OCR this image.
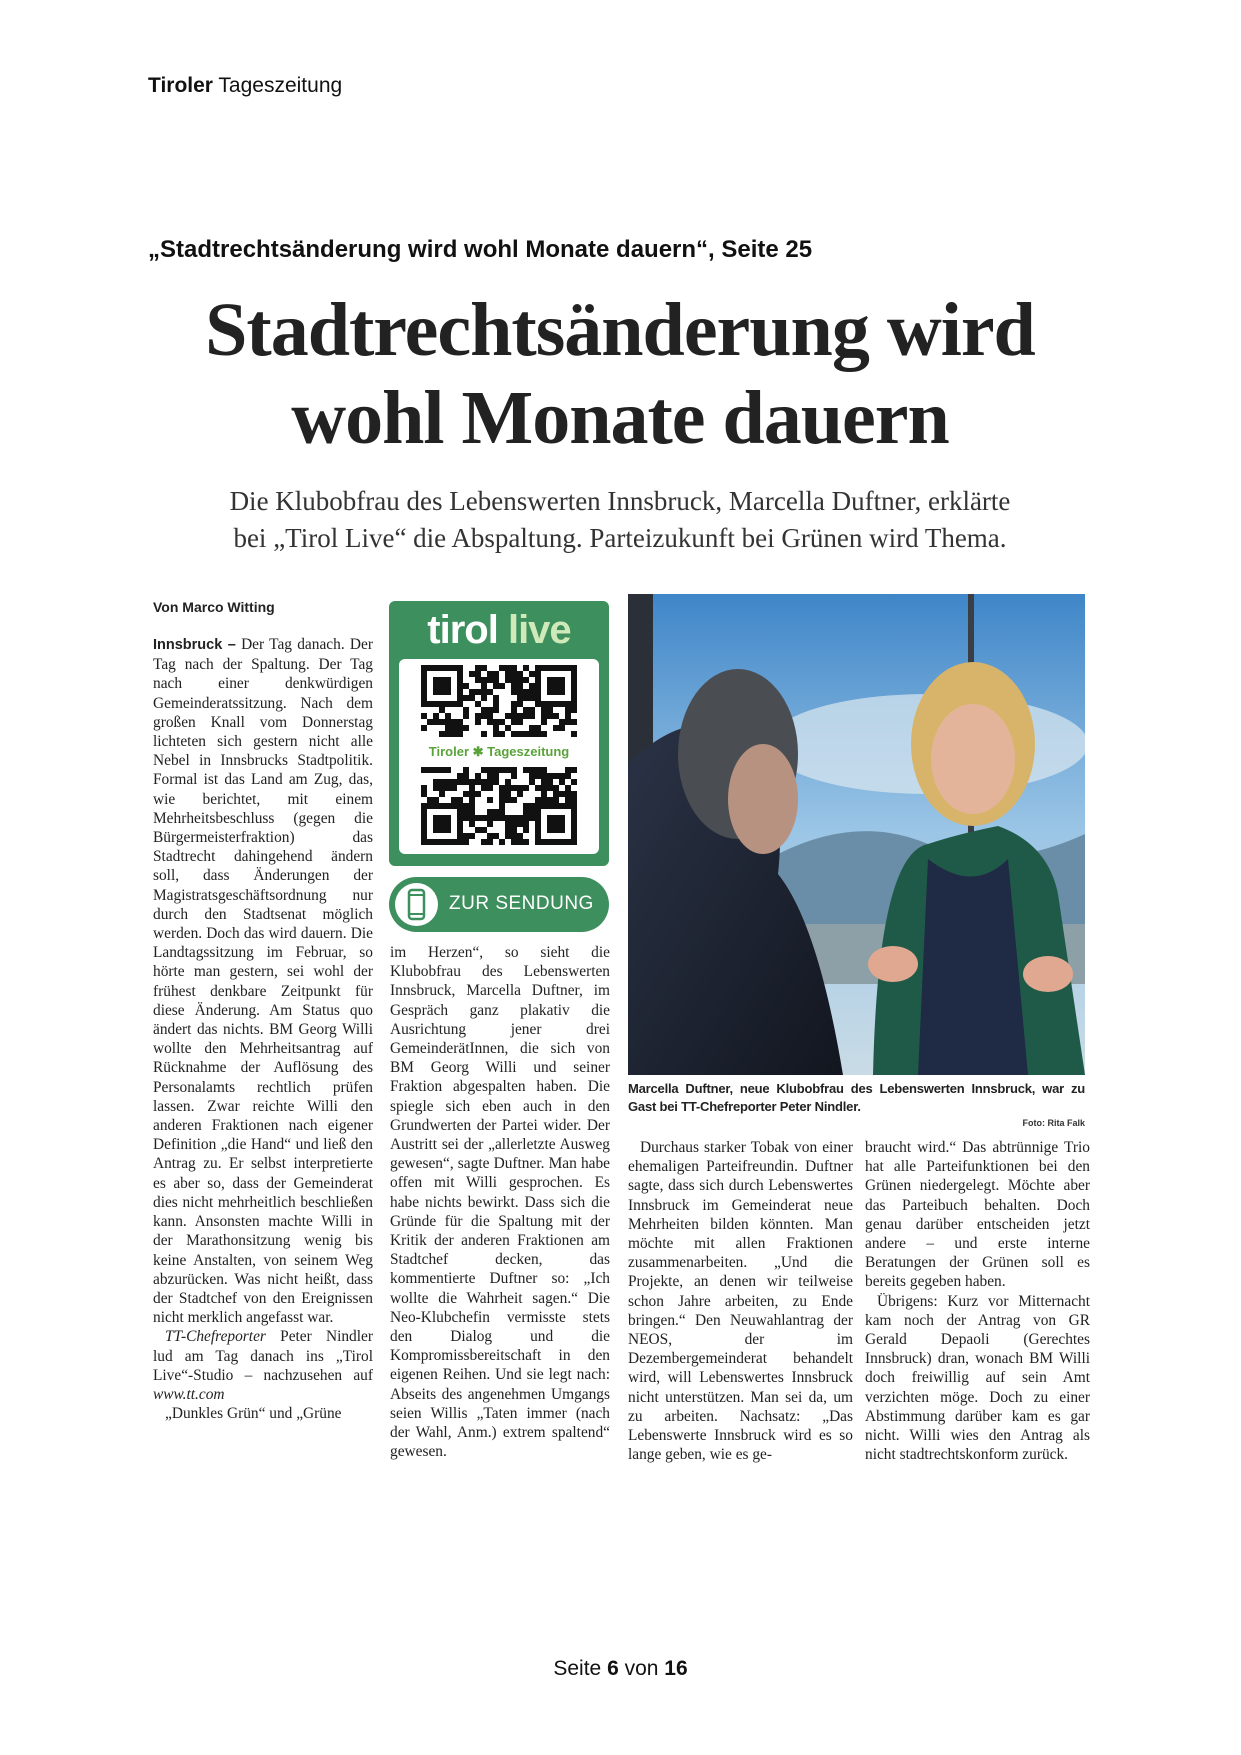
Tiroler Tageszeitung
„Stadtrechtsänderung wird wohl Monate dauern“, Seite 25
Stadtrechtsänderung wird
wohl Monate dauern
Die Klubobfrau des Lebenswerten Innsbruck, Marcella Duftner, erklärte
bei „Tirol Live“ die Abspaltung. Parteizukunft bei Grünen wird Thema.
Von Marco Witting

Innsbruck – Der Tag danach. Der Tag nach der Spaltung. Der Tag nach einer denkwürdigen Gemeinderatssitzung. Nach dem großen Knall vom Donnerstag lichteten sich gestern nicht alle Nebel in Innsbrucks Stadtpolitik. Formal ist das Land am Zug, das, wie berichtet, mit einem Mehrheitsbeschluss (gegen die Bürgermeisterfraktion) das Stadtrecht dahingehend ändern soll, dass Änderungen der Magistratsgeschäftsordnung nur durch den Stadtsenat möglich werden. Doch das wird dauern. Die Landtagssitzung im Februar, so hörte man gestern, sei wohl der frühest denkbare Zeitpunkt für diese Änderung. Am Status quo ändert das nichts. BM Georg Willi wollte den Mehrheitsantrag auf Rücknahme der Auflösung des Personalamts rechtlich prüfen lassen. Zwar reichte Willi den anderen Fraktionen nach eigener Definition „die Hand“ und ließ den Antrag zu. Er selbst interpretierte es aber so, dass der Gemeinderat dies nicht mehrheitlich beschließen kann. Ansonsten machte Willi in der Marathonsitzung wenig bis keine Anstalten, von seinem Weg abzurücken. Was nicht heißt, dass der Stadtchef von den Ereignissen nicht merklich angefasst war.

TT-Chefreporter Peter Nindler lud am Tag danach ins „Tirol Live“-Studio – nachzusehen auf www.tt.com

„Dunkles Grün“ und „Grüne

tirol live
Tiroler ✱ Tageszeitung
ZUR SENDUNG

im Herzen“, so sieht die Klubobfrau des Lebenswerten Innsbruck, Marcella Duftner, im Gespräch ganz plakativ die Ausrichtung jener drei GemeinderätInnen, die sich von BM Georg Willi und seiner Fraktion abgespalten haben. Die spiegle sich eben auch in den Grundwerten der Partei wider. Der Austritt sei der „allerletzte Ausweg gewesen“, sagte Duftner. Man habe offen mit Willi gesprochen. Es habe nichts bewirkt. Dass sich die Gründe für die Spaltung mit der Kritik der anderen Fraktionen am Stadtchef decken, das kommentierte Duftner so: „Ich wollte die Wahrheit sagen.“ Die Neo-Klubchefin vermisste stets den Dialog und die Kompromissbereitschaft in den eigenen Reihen. Und sie legt nach: Abseits des angenehmen Umgangs seien Willis „Taten immer (nach der Wahl, Anm.) extrem spaltend“ gewesen.

Marcella Duftner, neue Klubobfrau des Lebenswerten Innsbruck, war zu Gast bei TT-Chefreporter Peter Nindler.
Foto: Rita Falk

Durchaus starker Tobak von einer ehemaligen Parteifreundin. Duftner sagte, dass sich durch Lebenswertes Innsbruck im Gemeinderat neue Mehrheiten bilden könnten. Man möchte mit allen Fraktionen zusammenarbeiten. „Und die Projekte, an denen wir teilweise schon Jahre arbeiten, zu Ende bringen.“ Den Neuwahlantrag der NEOS, der im Dezembergemeinderat behandelt wird, will Lebenswertes Innsbruck nicht unterstützen. Man sei da, um zu arbeiten. Nachsatz: „Das Lebenswerte Innsbruck wird es so lange geben, wie es ge-

braucht wird.“ Das abtrünnige Trio hat alle Parteifunktionen bei den Grünen niedergelegt. Möchte aber das Parteibuch behalten. Doch genau darüber entscheiden jetzt andere – und erste interne Beratungen der Grünen soll es bereits gegeben haben.

Übrigens: Kurz vor Mitternacht kam noch der Antrag von GR Gerald Depaoli (Gerechtes Innsbruck) dran, wonach BM Willi doch freiwillig auf sein Amt verzichten möge. Doch zu einer Abstimmung darüber kam es gar nicht. Willi wies den Antrag als nicht stadtrechtskonform zurück.

Seite 6 von 16
